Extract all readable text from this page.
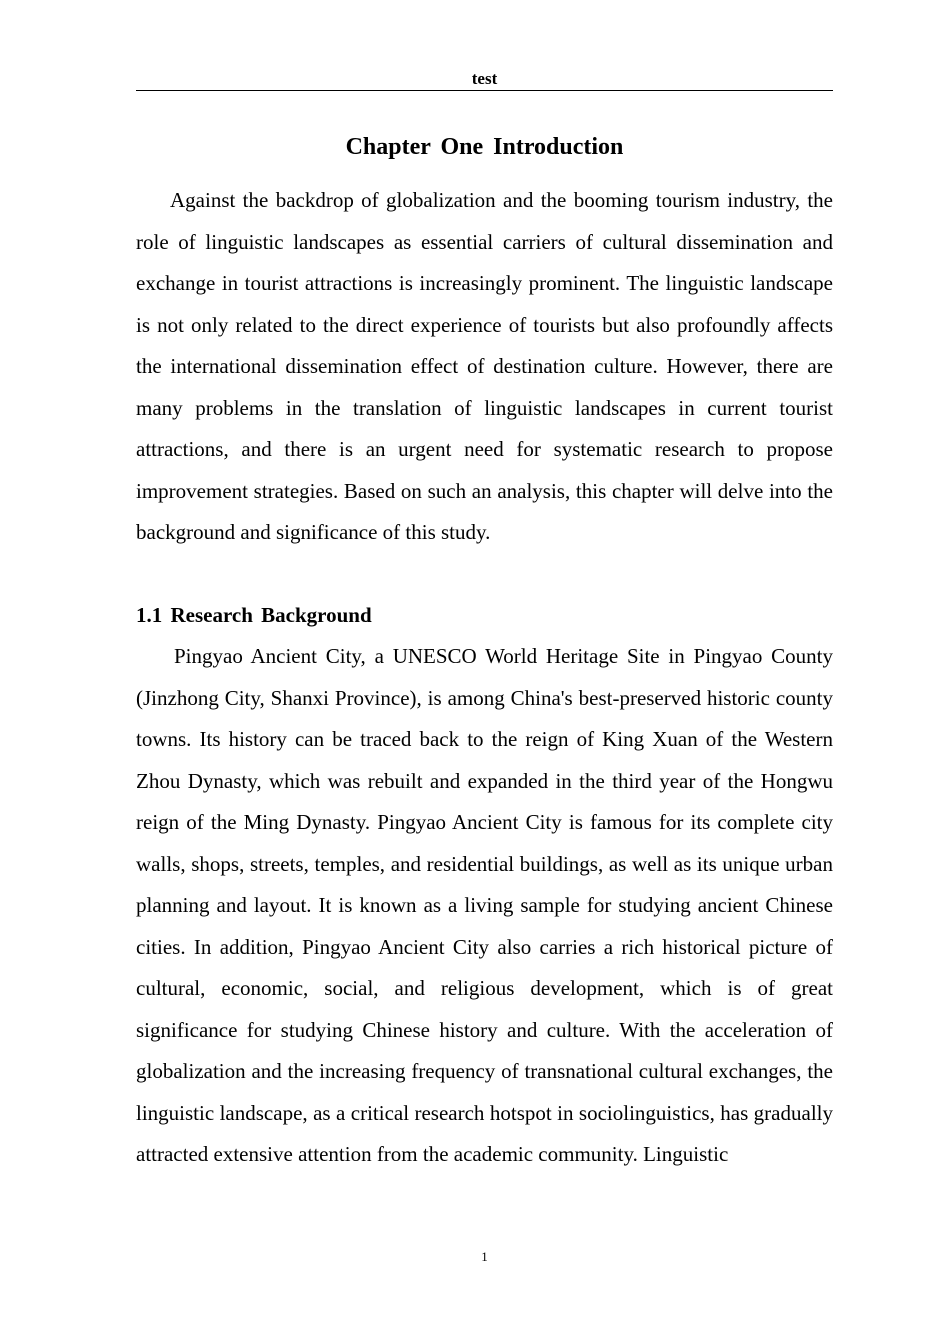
test
Chapter One Introduction

Against the backdrop of globalization and the booming tourism industry, the role of linguistic landscapes as essential carriers of cultural dissemination and exchange in tourist attractions is increasingly prominent. The linguistic landscape is not only related to the direct experience of tourists but also profoundly affects the international dissemination effect of destination culture. However, there are many problems in the translation of linguistic landscapes in current tourist attractions, and there is an urgent need for systematic research to propose improvement strategies. Based on such an analysis, this chapter will delve into the background and significance of this study.

1.1 Research Background

Pingyao Ancient City, a UNESCO World Heritage Site in Pingyao County (Jinzhong City, Shanxi Province), is among China's best-preserved historic county towns. Its history can be traced back to the reign of King Xuan of the Western Zhou Dynasty, which was rebuilt and expanded in the third year of the Hongwu reign of the Ming Dynasty. Pingyao Ancient City is famous for its complete city walls, shops, streets, temples, and residential buildings, as well as its unique urban planning and layout. It is known as a living sample for studying ancient Chinese cities. In addition, Pingyao Ancient City also carries a rich historical picture of cultural, economic, social, and religious development, which is of great significance for studying Chinese history and culture. With the acceleration of globalization and the increasing frequency of transnational cultural exchanges, the linguistic landscape, as a critical research hotspot in sociolinguistics, has gradually attracted extensive attention from the academic community. Linguistic

1
